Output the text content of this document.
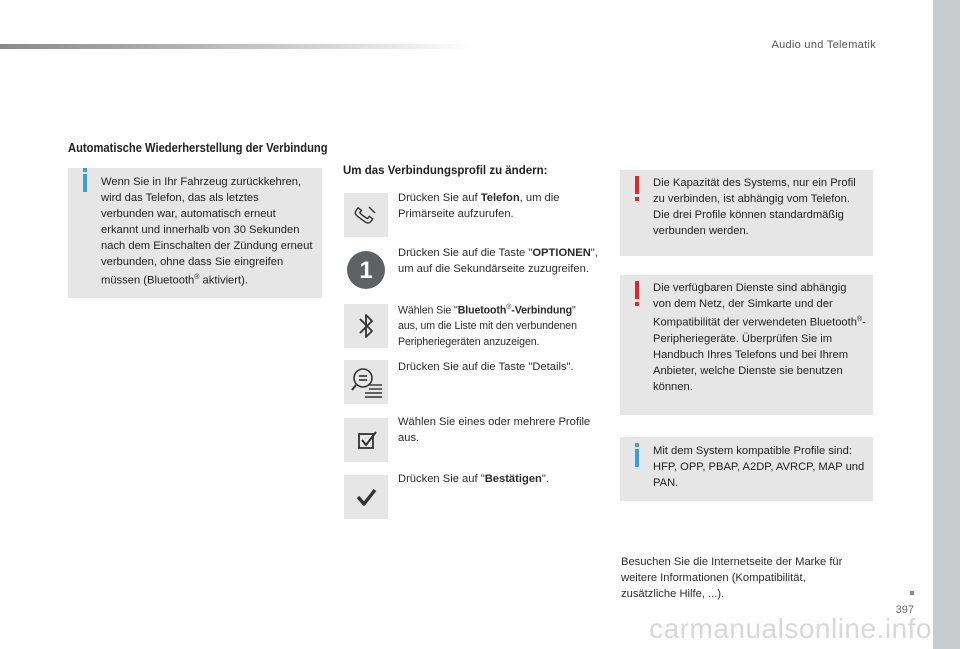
Audio und Telematik
Automatische Wiederherstellung der Verbindung
Wenn Sie in Ihr Fahrzeug zurückkehren, wird das Telefon, das als letztes verbunden war, automatisch erneut erkannt und innerhalb von 30 Sekunden nach dem Einschalten der Zündung erneut verbunden, ohne dass Sie eingreifen müssen (Bluetooth® aktiviert).
Um das Verbindungsprofil zu ändern:
Drücken Sie auf Telefon, um die Primärseite aufzurufen.
1
Drücken Sie auf die Taste "OPTIONEN", um auf die Sekundärseite zuzugreifen.
Wählen Sie "Bluetooth®-Verbindung" aus, um die Liste mit den verbundenen Peripheriegeräten anzuzeigen.
Drücken Sie auf die Taste "Details".
Wählen Sie eines oder mehrere Profile aus.
Drücken Sie auf "Bestätigen".
Die Kapazität des Systems, nur ein Profil zu verbinden, ist abhängig vom Telefon. Die drei Profile können standardmäßig verbunden werden.
Die verfügbaren Dienste sind abhängig von dem Netz, der Simkarte und der Kompatibilität der verwendeten Bluetooth®-Peripheriegeräte. Überprüfen Sie im Handbuch Ihres Telefons und bei Ihrem Anbieter, welche Dienste sie benutzen können.
Mit dem System kompatible Profile sind: HFP, OPP, PBAP, A2DP, AVRCP, MAP und PAN.
Besuchen Sie die Internetseite der Marke für weitere Informationen (Kompatibilität, zusätzliche Hilfe, ...).
397
carmanualsonline.info
